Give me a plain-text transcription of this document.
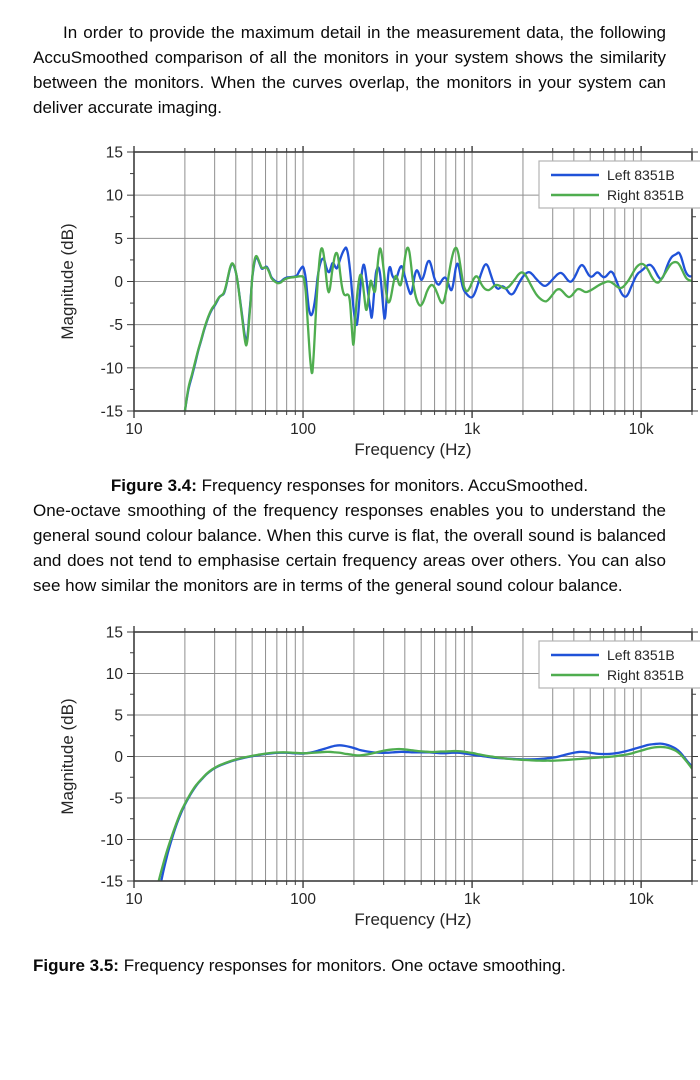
In order to provide the maximum detail in the measurement data, the following AccuSmoothed comparison of all the monitors in your system shows the similarity between the monitors. When the curves overlap, the monitors in your system can deliver accurate imaging.

10	100	1k	10k
-15
-10
-5
0
5
10
15
Frequency (Hz)
Magnitude (dB)
Left 8351B
Right 8351B

Figure 3.4: Frequency responses for monitors. AccuSmoothed.

One-octave smoothing of the frequency responses enables you to understand the general sound colour balance. When this curve is flat, the overall sound is balanced and does not tend to emphasise certain frequency areas over others. You can also see how similar the monitors are in terms of the general sound colour balance.

10	100	1k	10k
-15
-10
-5
0
5
10
15
Frequency (Hz)
Magnitude (dB)
Left 8351B
Right 8351B

Figure 3.5: Frequency responses for monitors. One octave smoothing.
